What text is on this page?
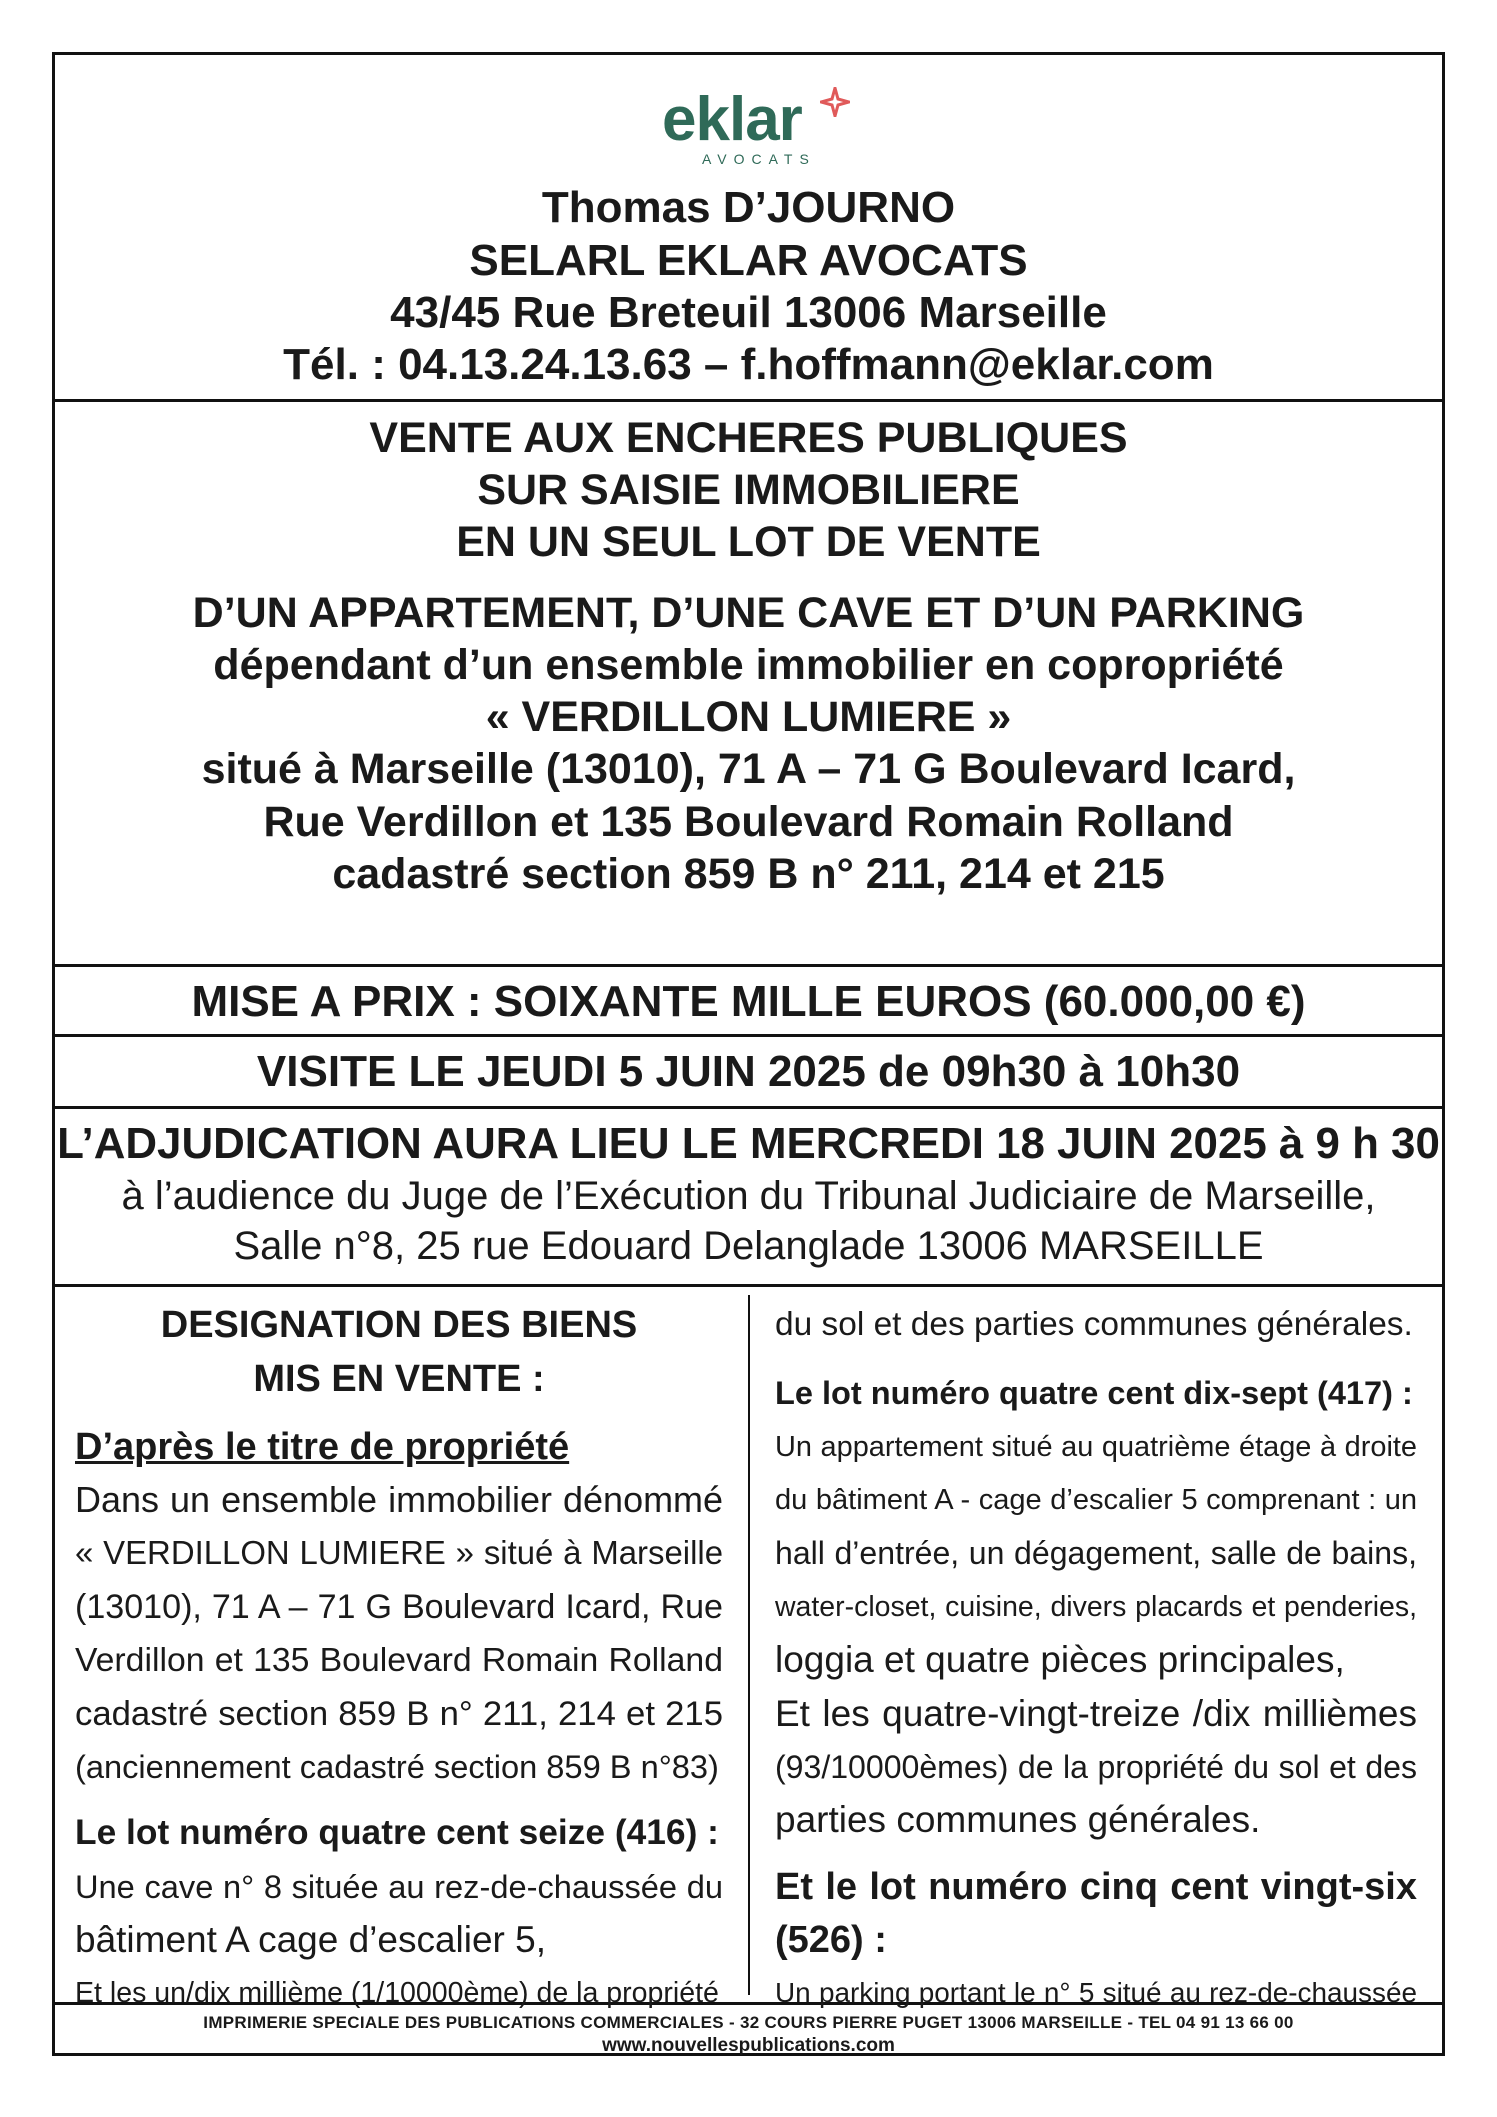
eklar
AVOCATS
Thomas D’JOURNO
SELARL EKLAR AVOCATS
43/45 Rue Breteuil 13006 Marseille
Tél. : 04.13.24.13.63 – f.hoffmann@eklar.com
VENTE AUX ENCHERES PUBLIQUES
SUR SAISIE IMMOBILIERE
EN UN SEUL LOT DE VENTE
D’UN APPARTEMENT, D’UNE CAVE ET D’UN PARKING
dépendant d’un ensemble immobilier en copropriété
« VERDILLON LUMIERE »
situé à Marseille (13010), 71 A – 71 G Boulevard Icard,
Rue Verdillon et 135 Boulevard Romain Rolland
cadastré section 859 B n° 211, 214 et 215
MISE A PRIX : SOIXANTE MILLE EUROS (60.000,00 €)
VISITE LE JEUDI 5 JUIN 2025 de 09h30 à 10h30
L’ADJUDICATION AURA LIEU LE MERCREDI 18 JUIN 2025 à 9 h 30
à l’audience du Juge de l’Exécution du Tribunal Judiciaire de Marseille,
Salle n°8, 25 rue Edouard Delanglade 13006 MARSEILLE
DESIGNATION DES BIENS
MIS EN VENTE :
D’après le titre de propriété
Dans un ensemble immobilier dénommé
« VERDILLON LUMIERE » situé à Marseille
(13010), 71 A – 71 G Boulevard Icard, Rue
Verdillon et 135 Boulevard Romain Rolland
cadastré section 859 B n° 211, 214 et 215
(anciennement cadastré section 859 B n°83)
Le lot numéro quatre cent seize (416) :
Une cave n° 8 située au rez-de-chaussée du
bâtiment A cage d’escalier 5,
Et les un/dix millième (1/10000ème) de la propriété
du sol et des parties communes générales.
Le lot numéro quatre cent dix-sept (417) :
Un appartement situé au quatrième étage à droite
du bâtiment A - cage d’escalier 5 comprenant : un
hall d’entrée, un dégagement, salle de bains,
water-closet, cuisine, divers placards et penderies,
loggia et quatre pièces principales,
Et les quatre-vingt-treize /dix millièmes
(93/10000èmes) de la propriété du sol et des
parties communes générales.
Et le lot numéro cinq cent vingt-six
(526) :
Un parking portant le n° 5 situé au rez-de-chaussée
IMPRIMERIE SPECIALE DES PUBLICATIONS COMMERCIALES - 32 COURS PIERRE PUGET 13006 MARSEILLE - TEL 04 91 13 66 00
www.nouvellespublications.com
